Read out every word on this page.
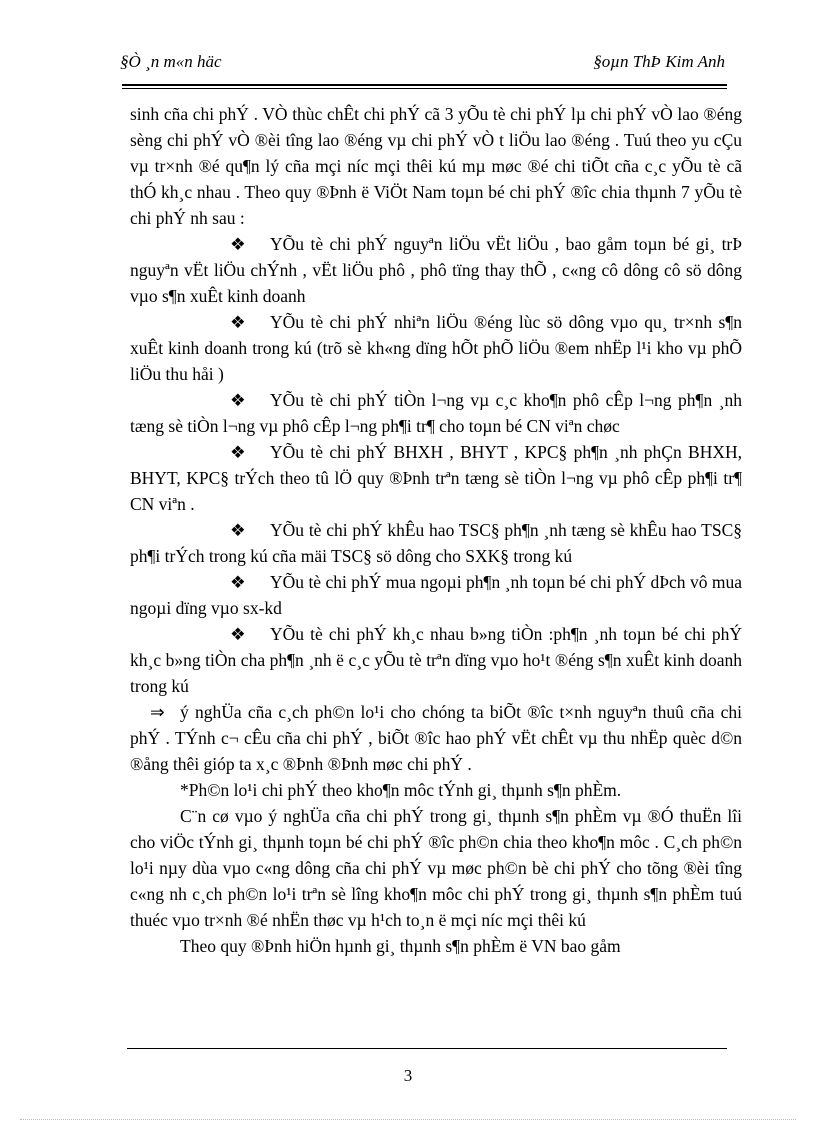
§Ò ¸n m«n häc	§oµn ThÞ Kim Anh

sinh cña chi phÝ . VÒ thùc chÊt chi phÝ cã 3 yÕu tè chi phÝ lµ chi phÝ vÒ lao ®éng sèng chi phÝ vÒ ®èi tîng lao ®éng vµ chi phÝ vÒ t liÖu lao ®éng . Tuú theo yu cÇu vµ tr×nh ®é qu¶n lý cña mçi níc mçi thêi kú mµ møc ®é chi tiÕt cña c¸c yÕu tè cã thÓ kh¸c nhau . Theo quy ®Þnh ë ViÖt Nam toµn bé chi phÝ ®îc chia thµnh 7 yÕu tè chi phÝ nh sau :

❖ YÕu tè chi phÝ nguyªn liÖu vËt liÖu , bao gåm toµn bé gi¸ trÞ nguyªn vËt liÖu chÝnh , vËt liÖu phô , phô tïng thay thÕ , c«ng cô dông cô sö dông vµo s¶n xuÊt kinh doanh

❖ YÕu tè chi phÝ nhiªn liÖu ®éng lùc sö dông vµo qu¸ tr×nh s¶n xuÊt kinh doanh trong kú (trõ sè kh«ng dïng hÕt phÕ liÖu ®em nhËp l¹i kho vµ phÕ liÖu thu håi )

❖ YÕu tè chi phÝ tiÒn l¬ng vµ c¸c kho¶n phô cÊp l¬ng ph¶n ¸nh tæng sè tiÒn l¬ng vµ phô cÊp l¬ng ph¶i tr¶ cho toµn bé CN viªn chøc

❖ YÕu tè chi phÝ BHXH , BHYT , KPC§ ph¶n ¸nh phÇn BHXH, BHYT, KPC§ trÝch theo tû lÖ quy ®Þnh trªn tæng sè tiÒn l¬ng vµ phô cÊp ph¶i tr¶ CN viªn .

❖ YÕu tè chi phÝ khÊu hao TSC§ ph¶n ¸nh tæng sè khÊu hao TSC§ ph¶i trÝch trong kú cña mäi TSC§ sö dông cho SXK§ trong kú

❖ YÕu tè chi phÝ mua ngoµi ph¶n ¸nh toµn bé chi phÝ dÞch vô mua ngoµi dïng vµo sx-kd

❖ YÕu tè chi phÝ kh¸c nhau b»ng tiÒn :ph¶n ¸nh toµn bé chi phÝ kh¸c b»ng tiÒn cha ph¶n ¸nh ë c¸c yÕu tè trªn dïng vµo ho¹t ®éng s¶n xuÊt kinh doanh trong kú

⇒ ý nghÜa cña c¸ch ph©n lo¹i cho chóng ta biÕt ®îc t×nh nguyªn thuû cña chi phÝ . TÝnh c¬ cÊu cña chi phÝ , biÕt ®îc hao phÝ vËt chÊt vµ thu nhËp quèc d©n ®ång thêi gióp ta x¸c ®Þnh ®Þnh møc chi phÝ .

*Ph©n lo¹i chi phÝ theo kho¶n môc tÝnh gi¸ thµnh s¶n phÈm.

C¨n cø vµo ý nghÜa cña chi phÝ trong gi¸ thµnh s¶n phÈm vµ ®Ó thuËn lîi cho viÖc tÝnh gi¸ thµnh toµn bé chi phÝ ®îc ph©n chia theo kho¶n môc . C¸ch ph©n lo¹i nµy dùa vµo c«ng dông cña chi phÝ vµ møc ph©n bè chi phÝ cho tõng ®èi tîng c«ng nh c¸ch ph©n lo¹i trªn sè lîng kho¶n môc chi phÝ trong gi¸ thµnh s¶n phÈm tuú thuéc vµo tr×nh ®é nhËn thøc vµ h¹ch to¸n ë mçi níc mçi thêi kú

Theo quy ®Þnh hiÖn hµnh gi¸ thµnh s¶n phÈm ë VN bao gåm

3
